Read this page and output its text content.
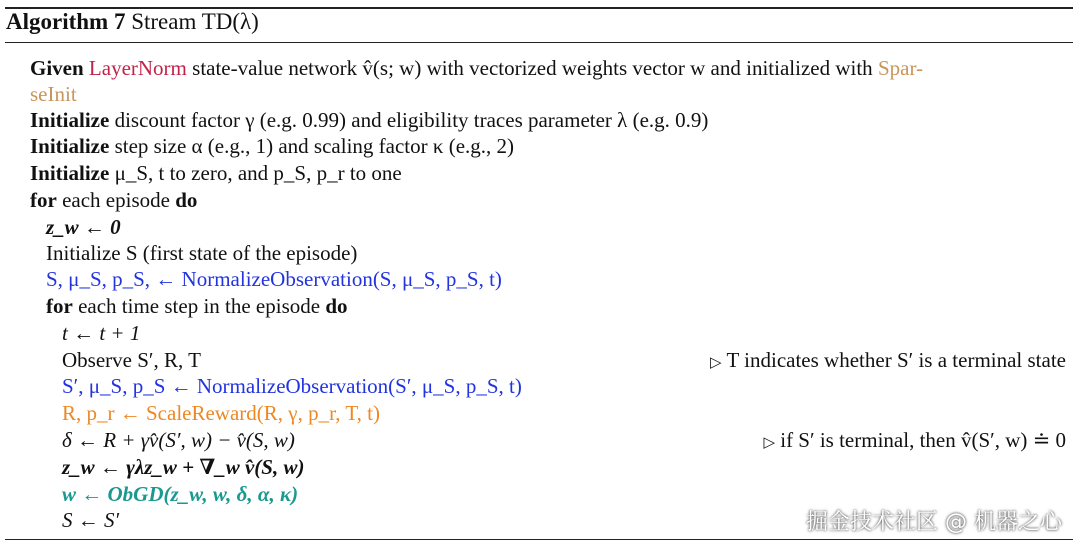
Algorithm 7 Stream TD(λ)
Given LayerNorm state-value network v̂(s; w) with vectorized weights vector w and initialized with Spar-
seInit
Initialize discount factor γ (e.g. 0.99) and eligibility traces parameter λ (e.g. 0.9)
Initialize step size α (e.g., 1) and scaling factor κ (e.g., 2)
Initialize μ_S, t to zero, and p_S, p_r to one
for each episode do
z_w ← 0
Initialize S (first state of the episode)
S, μ_S, p_S, ← NormalizeObservation(S, μ_S, p_S, t)
for each time step in the episode do
t ← t + 1
Observe S′, R, T	▷ T indicates whether S′ is a terminal state
S′, μ_S, p_S ← NormalizeObservation(S′, μ_S, p_S, t)
R, p_r ← ScaleReward(R, γ, p_r, T, t)
δ ← R + γv̂(S′, w) − v̂(S, w)	▷ if S′ is terminal, then v̂(S′, w) ≐ 0
z_w ← γλz_w + ∇_w v̂(S, w)
w ← ObGD(z_w, w, δ, α, κ)
S ← S′	掘金技术社区 @ 机器之心
